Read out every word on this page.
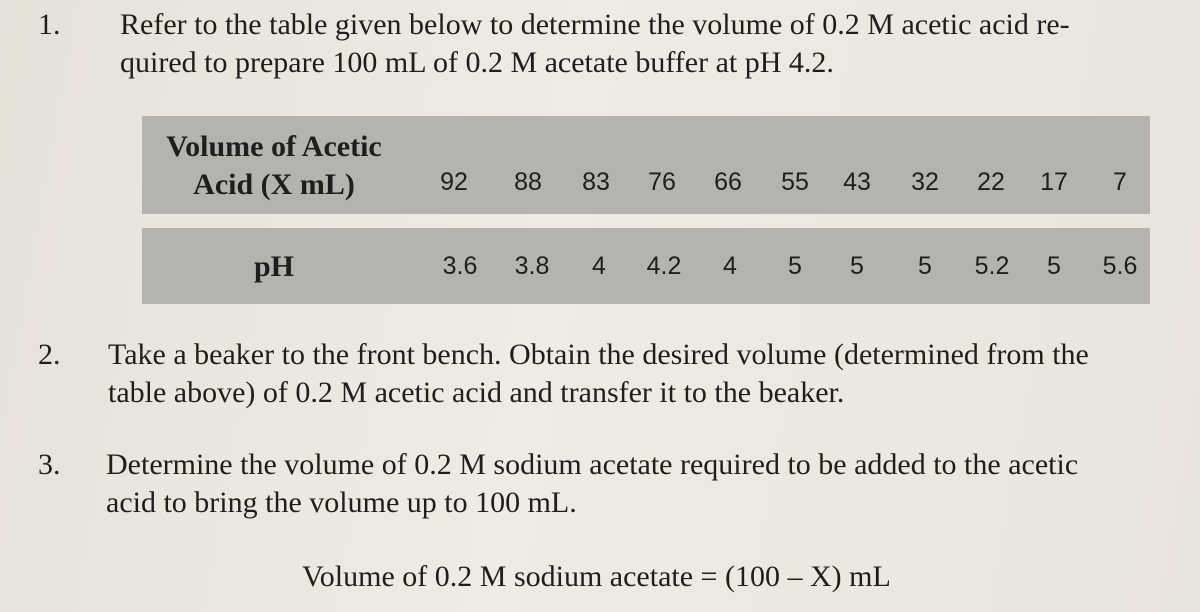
1. Refer to the table given below to determine the volume of 0.2 M acetic acid re-
quired to prepare 100 mL of 0.2 M acetate buffer at pH 4.2.
Volume of Acetic
Acid (X mL)	92	88	83	76	66	55	43	32	22	17	7
pH	3.6	3.8	4	4.2	4	5	5	5	5.2	5	5.6
2. Take a beaker to the front bench. Obtain the desired volume (determined from the
table above) of 0.2 M acetic acid and transfer it to the beaker.
3. Determine the volume of 0.2 M sodium acetate required to be added to the acetic
acid to bring the volume up to 100 mL.
Volume of 0.2 M sodium acetate = (100 – X) mL
